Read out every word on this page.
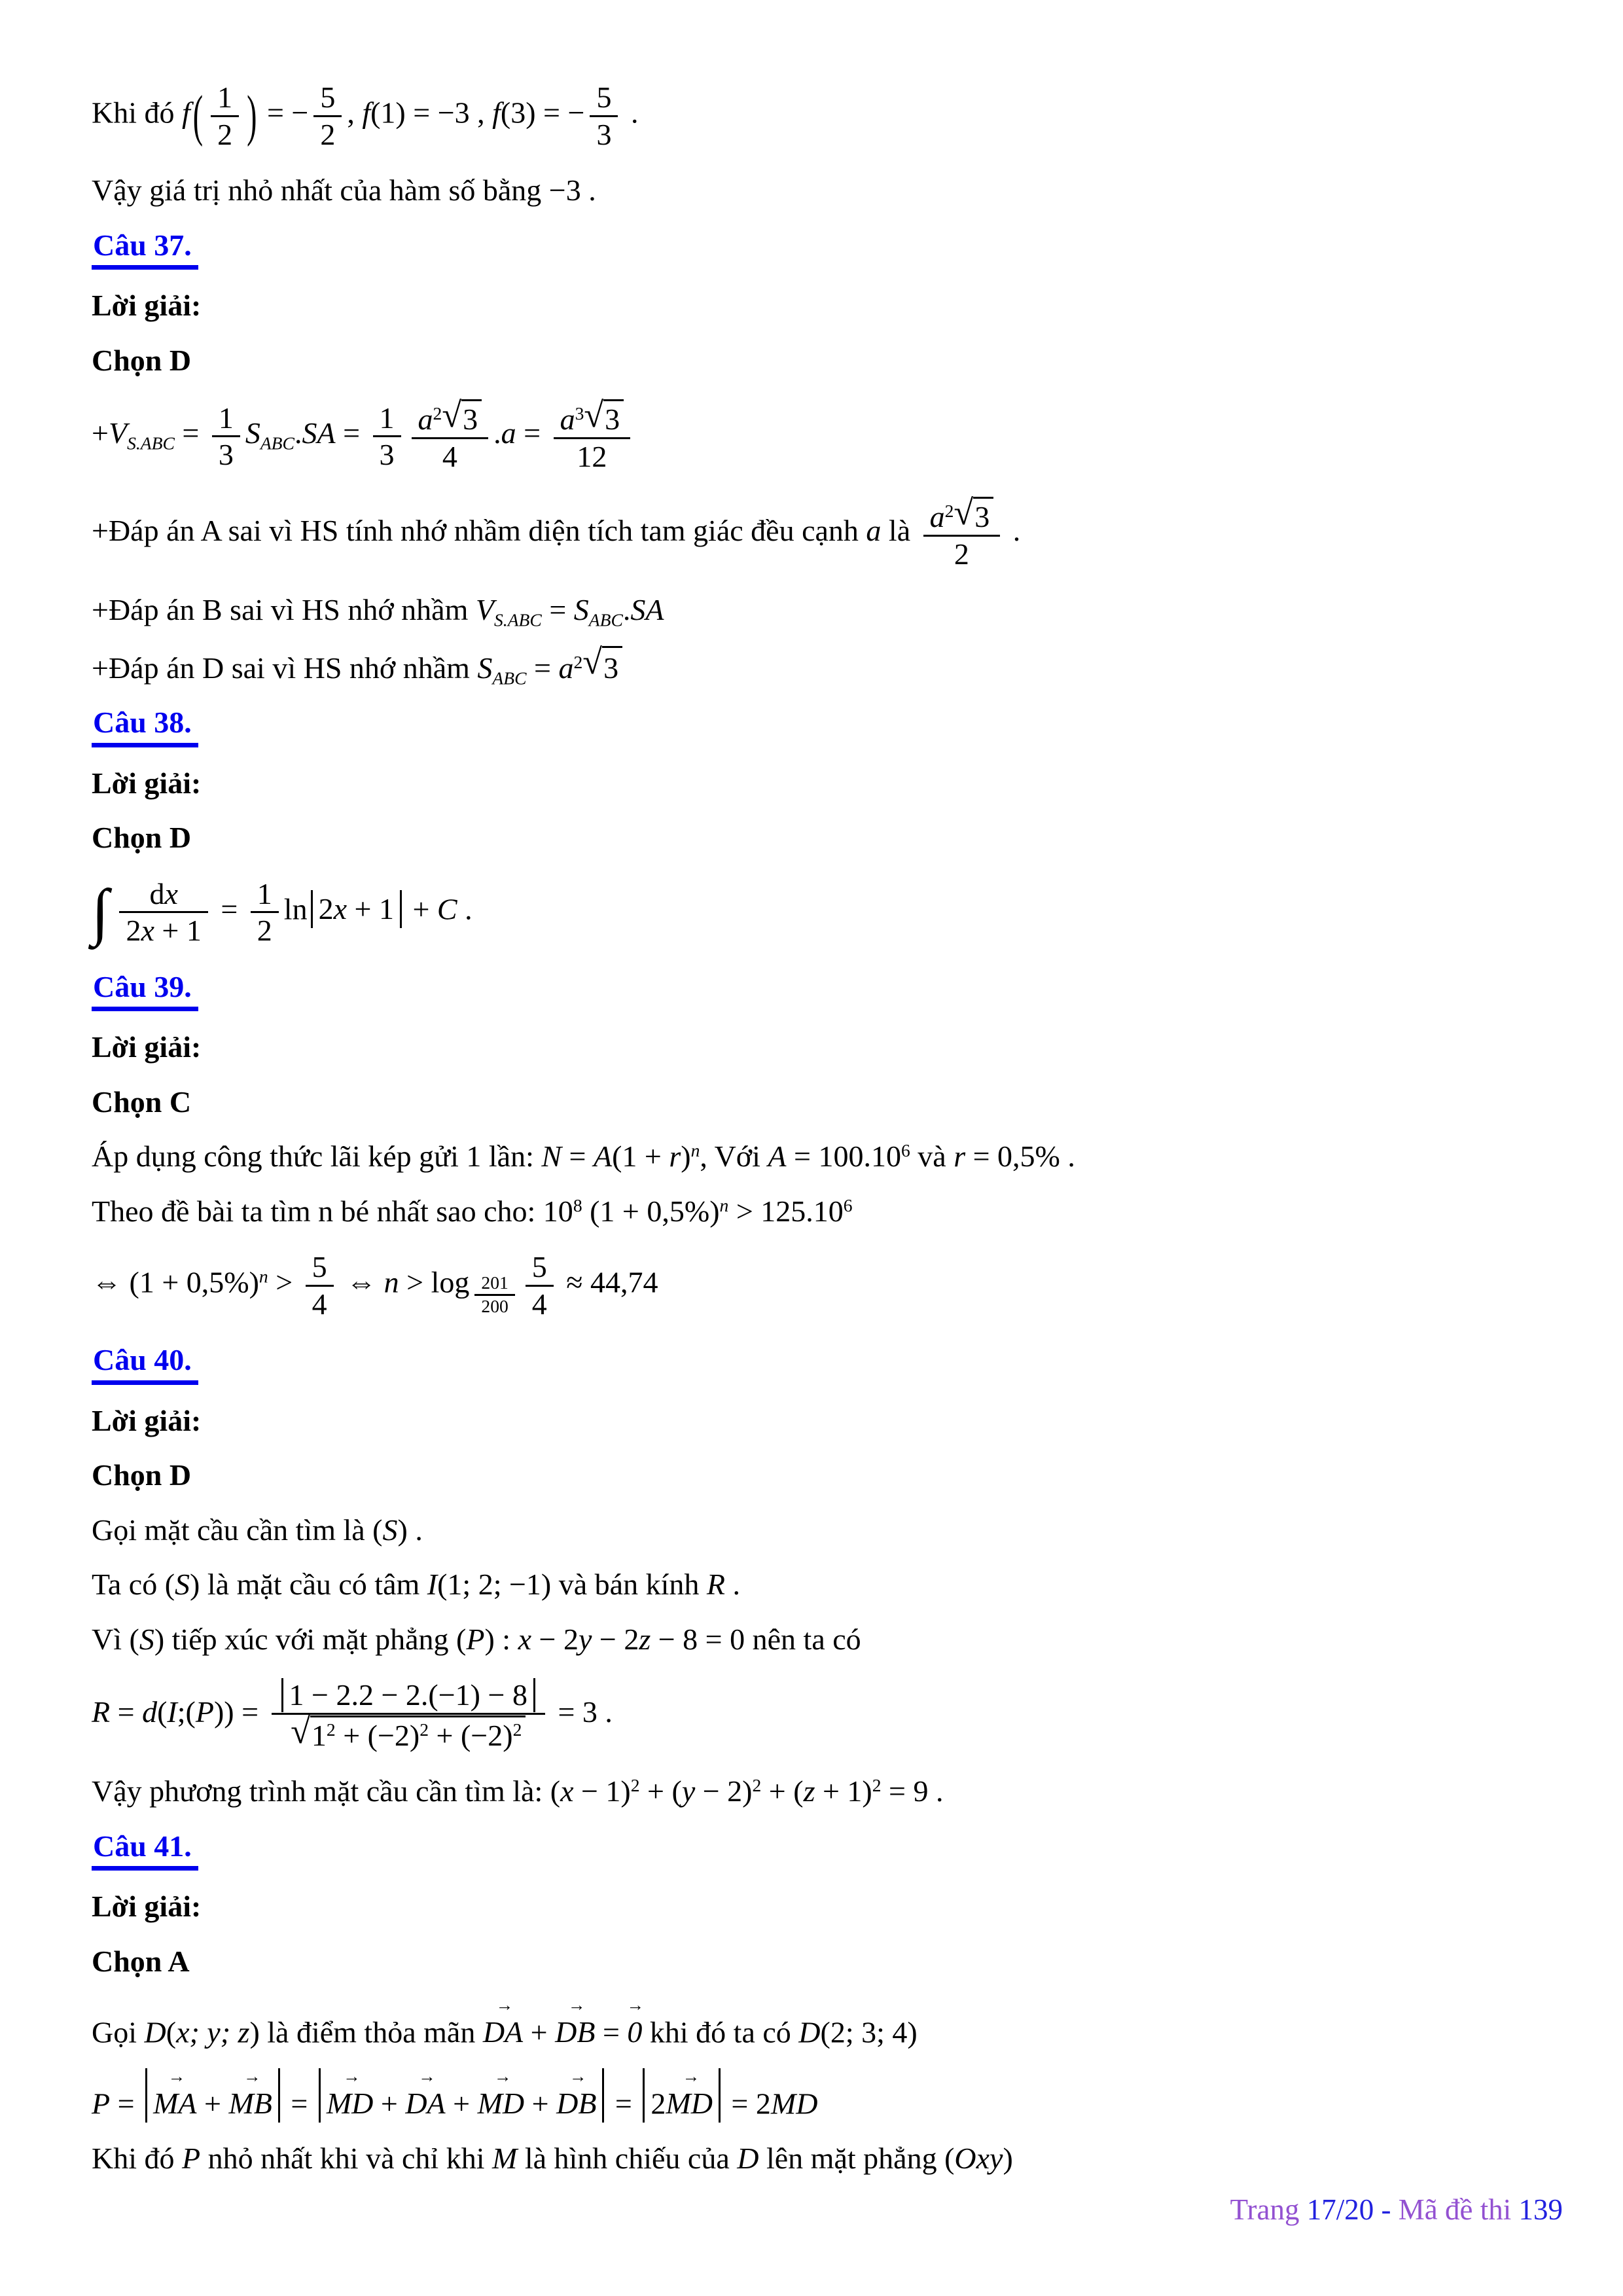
Khi đó $f( \frac{1}{2}$ ) = − $\frac{5}{2}$ , f(1) = −3 , f(3) = − $\frac{5}{3}$ .
Vậy giá trị nhỏ nhất của hàm số bằng −3 .
Câu 37.
Lời giải:
Chọn D
$+V_{S.ABC} = \frac{1}{3} S_{ABC}.SA = \frac{1}{3} \frac{a^2√3}{4} .a = \frac{a^3√3}{12}$
+Đáp án A sai vì HS tính nhớ nhầm diện tích tam giác đều cạnh a là $\frac{a^2√3}{2}$ .
+Đáp án B sai vì HS nhớ nhầm $V_{S.ABC} = S_{ABC}.SA$
+Đáp án D sai vì HS nhớ nhầm $S_{ABC} = a^2√3$
Câu 38.
Lời giải:
Chọn D
∫ $\frac{dx}{2x + 1} = \frac{1}{2}$ ln 2x + 1 + C .
Câu 39.
Lời giải:
Chọn C
Áp dụng công thức lãi kép gửi 1 lần: $N = A(1 + r)^n$, Với $A = 100.10^6$ và r = 0,5% .
Theo đề bài ta tìm n bé nhất sao cho: $10^8$ $(1 + 0,5\%)^n > 125.10^6$
⇔ $(1 + 0,5\%)^n > \frac{5}{4}$ ⇔ $n > \log _{\frac{201}{200}} \frac{5}{4} \approx 44,74$
Câu 40.
Lời giải:
Chọn D
Gọi mặt cầu cần tìm là (S) .
Ta có (S) là mặt cầu có tâm I(1; 2; −1) và bán kính R .
Vì (S) tiếp xúc với mặt phẳng (P) : x − 2y − 2z − 8 = 0 nên ta có
R = d(I;(P)) = $\frac{1 - 2.2 - 2.(-1) - 8}{√1^2 + (-2)^2 + (-2)^2} = 3$ .
Vậy phương trình mặt cầu cần tìm là: $(x - 1)^2 + (y - 2)^2 + (z + 1)^2 = 9$ .
Câu 41.
Lời giải:
Chọn A
Gọi D(x; y; z) là điểm thỏa mãn
→
DA +
→
DB =
→
0 khi đó ta có D(2; 3; 4)
P =
→
MA +
→
MB =
→
MD +
→
DA +
→
MD +
→
DB = 2
→
MD = 2MD
Khi đó P nhỏ nhất khi và chỉ khi M là hình chiếu của D lên mặt phẳng (Oxy)
Trang 17/20 - Mã đề thi 139
